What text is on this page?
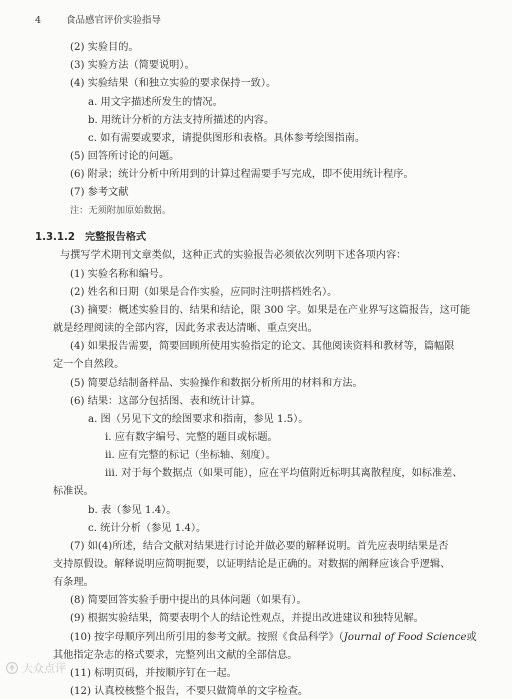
4	食品感官评价实验指导
(2) 实验目的。
(3) 实验方法（简要说明）。
(4) 实验结果（和独立实验的要求保持一致）。
a. 用文字描述所发生的情况。
b. 用统计分析的方法支持所描述的内容。
c. 如有需要或要求，请提供图形和表格。具体参考绘图指南。
(5) 回答所讨论的问题。
(6) 附录；统计分析中所用到的计算过程需要手写完成，即不使用统计程序。
(7) 参考文献
注：无须附加原始数据。
1.3.1.2 完整报告格式
与撰写学术期刊文章类似，这种正式的实验报告必须依次列明下述各项内容：
(1) 实验名称和编号。
(2) 姓名和日期（如果是合作实验，应同时注明搭档姓名）。
(3) 摘要：概述实验目的、结果和结论，限 300 字。如果是在产业界写这篇报告，这可能
就是经理阅读的全部内容，因此务求表达清晰、重点突出。
(4) 如果报告需要，简要回顾所使用实验指定的论文、其他阅读资料和教材等，篇幅限
定一个自然段。
(5) 简要总结制备样品、实验操作和数据分析所用的材料和方法。
(6) 结果：这部分包括图、表和统计计算。
a. 图（另见下文的绘图要求和指南，参见 1.5）。
i. 应有数字编号、完整的题目或标题。
ii. 应有完整的标记（坐标轴、刻度）。
iii. 对于每个数据点（如果可能），应在平均值附近标明其离散程度，如标准差、
标准误。
b. 表（参见 1.4）。
c. 统计分析（参见 1.4）。
(7) 如(4)所述，结合文献对结果进行讨论并做必要的解释说明。首先应表明结果是否
支持原假设。解释说明应简明扼要，以证明结论是正确的。对数据的阐释应该合乎逻辑、
有条理。
(8) 简要回答实验手册中提出的具体问题（如果有）。
(9) 根据实验结果，简要表明个人的结论性观点，并提出改进建议和独特见解。
(10) 按字母顺序列出所引用的参考文献。按照《食品科学》（Journal of Food Science或
其他指定杂志的格式要求，完整列出文献的全部信息。
(11) 标明页码，并按顺序钉在一起。
(12) 认真校核整个报告，不要只做简单的文字检查。
大众点评
